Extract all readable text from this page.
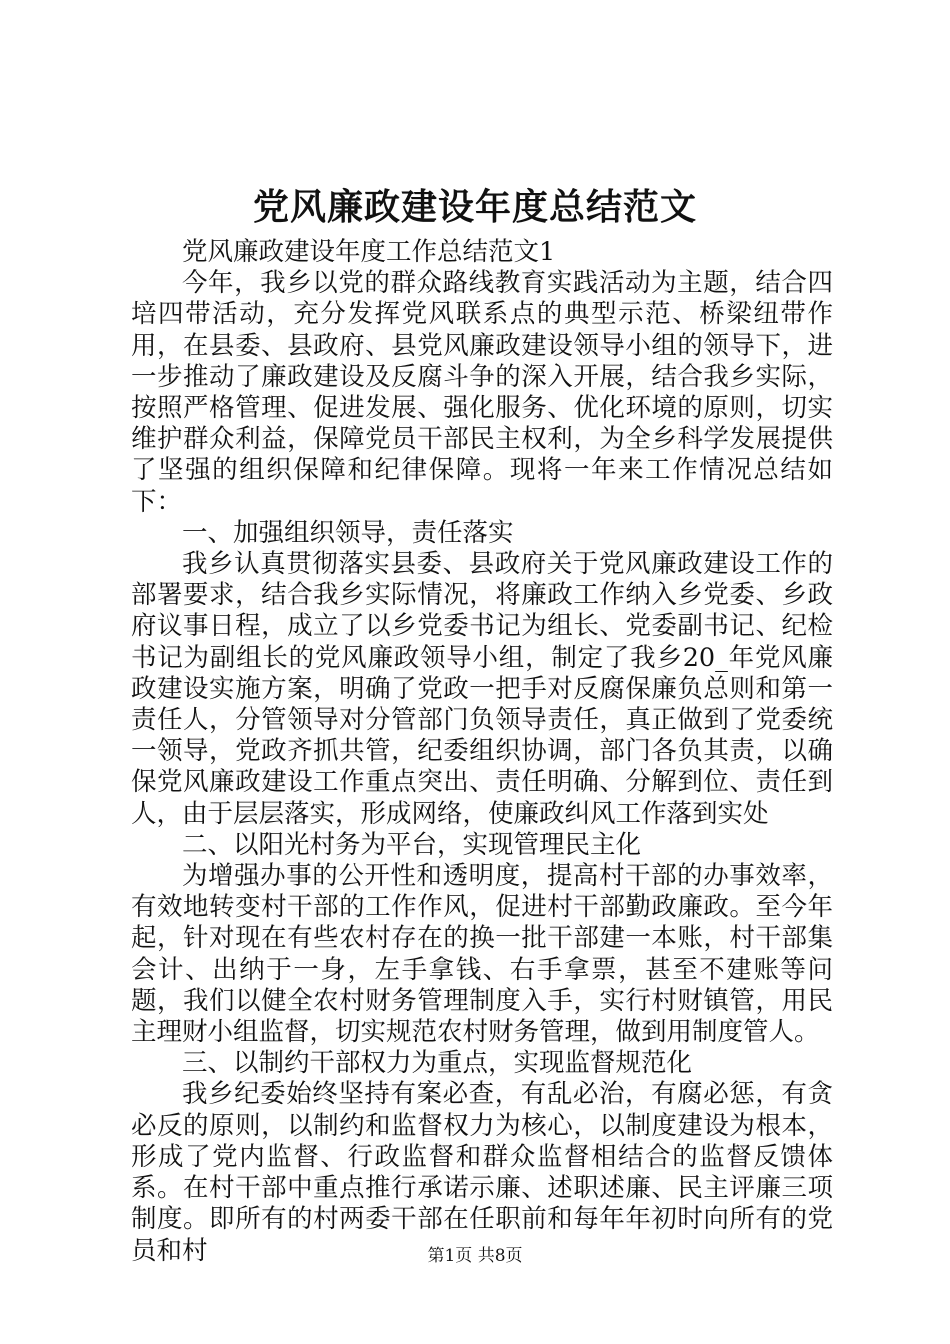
党风廉政建设年度总结范文

党风廉政建设年度工作总结范文1

今年，我乡以党的群众路线教育实践活动为主题，结合四培四带活动，充分发挥党风联系点的典型示范、桥梁纽带作用，在县委、县政府、县党风廉政建设领导小组的领导下，进一步推动了廉政建设及反腐斗争的深入开展，结合我乡实际，按照严格管理、促进发展、强化服务、优化环境的原则，切实维护群众利益，保障党员干部民主权利，为全乡科学发展提供了坚强的组织保障和纪律保障。现将一年来工作情况总结如下：

一、加强组织领导，责任落实

我乡认真贯彻落实县委、县政府关于党风廉政建设工作的部署要求，结合我乡实际情况，将廉政工作纳入乡党委、乡政府议事日程，成立了以乡党委书记为组长、党委副书记、纪检书记为副组长的党风廉政领导小组，制定了我乡20_年党风廉政建设实施方案，明确了党政一把手对反腐保廉负总则和第一责任人，分管领导对分管部门负领导责任，真正做到了党委统一领导，党政齐抓共管，纪委组织协调，部门各负其责，以确保党风廉政建设工作重点突出、责任明确、分解到位、责任到人，由于层层落实，形成网络，使廉政纠风工作落到实处

二、以阳光村务为平台，实现管理民主化

为增强办事的公开性和透明度，提高村干部的办事效率，有效地转变村干部的工作作风，促进村干部勤政廉政。至今年起，针对现在有些农村存在的换一批干部建一本账，村干部集会计、出纳于一身，左手拿钱、右手拿票，甚至不建账等问题，我们以健全农村财务管理制度入手，实行村财镇管，用民主理财小组监督，切实规范农村财务管理，做到用制度管人。

三、以制约干部权力为重点，实现监督规范化

我乡纪委始终坚持有案必查，有乱必治，有腐必惩，有贪必反的原则，以制约和监督权力为核心，以制度建设为根本，形成了党内监督、行政监督和群众监督相结合的监督反馈体系。在村干部中重点推行承诺示廉、述职述廉、民主评廉三项制度。即所有的村两委干部在任职前和每年年初时向所有的党员和村	第1页 共8页
